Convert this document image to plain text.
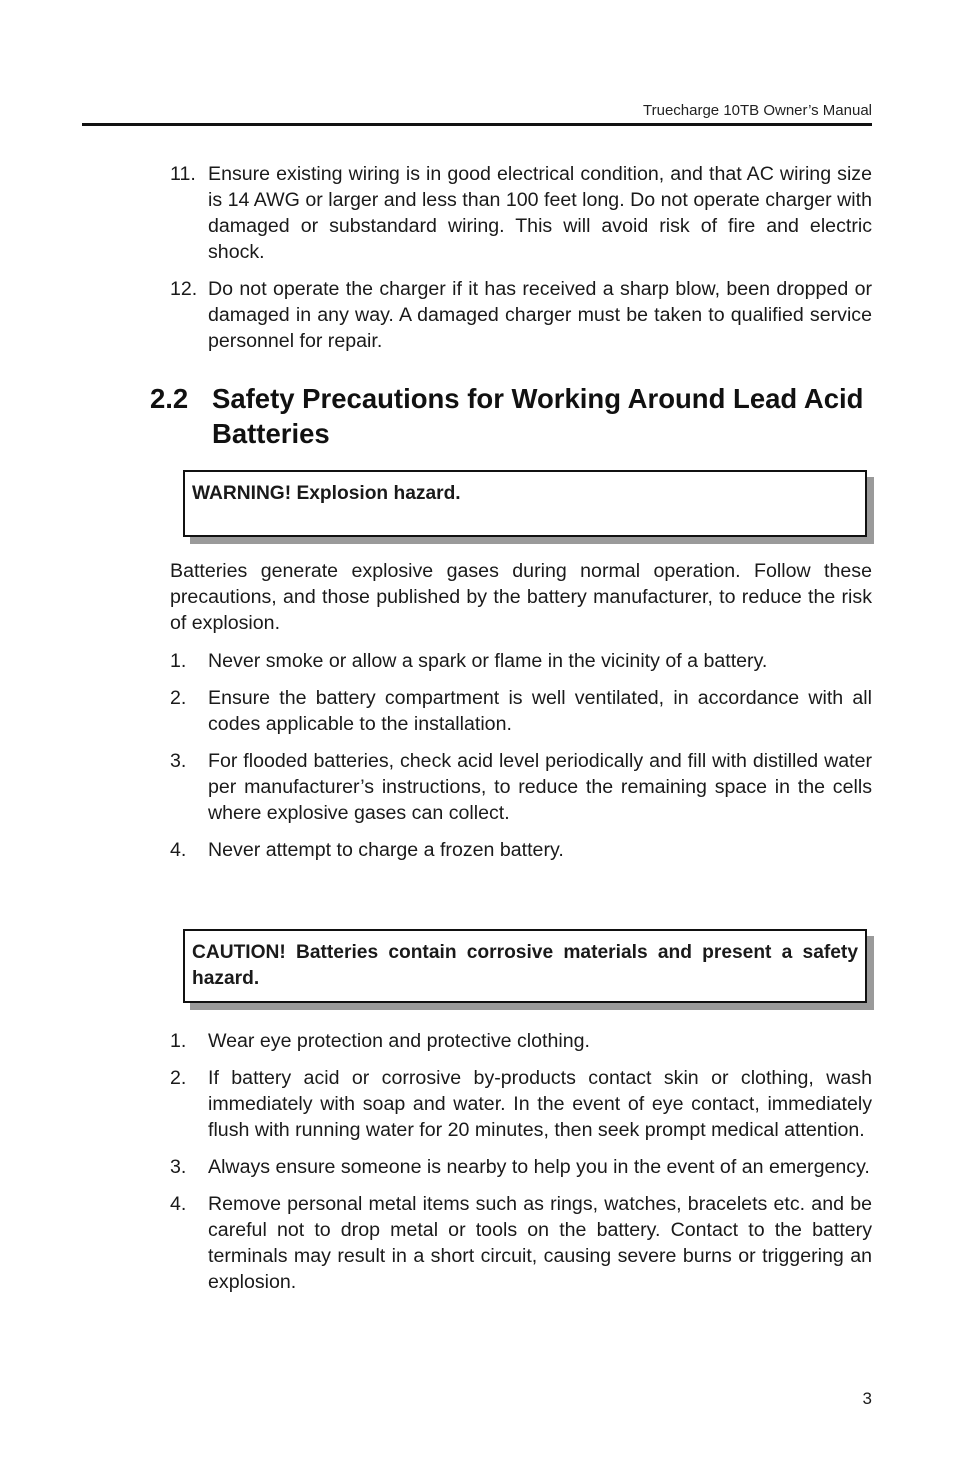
Truecharge 10TB Owner’s Manual
11. Ensure existing wiring is in good electrical condition, and that AC wiring size is 14 AWG or larger and less than 100 feet long. Do not operate charger with damaged or substandard wiring. This will avoid risk of fire and electric shock.
12. Do not operate the charger if it has received a sharp blow, been dropped or damaged in any way. A damaged charger must be taken to qualified service personnel for repair.
2.2 Safety Precautions for Working Around Lead Acid Batteries
WARNING! Explosion hazard.

Batteries generate explosive gases during normal operation. Follow these precautions, and those published by the battery manufacturer, to reduce the risk of explosion.

1. Never smoke or allow a spark or flame in the vicinity of a battery.
2. Ensure the battery compartment is well ventilated, in accordance with all codes applicable to the installation.
3. For flooded batteries, check acid level periodically and fill with distilled water per manufacturer’s instructions, to reduce the remaining space in the cells where explosive gases can collect.
4. Never attempt to charge a frozen battery.
CAUTION! Batteries contain corrosive materials and present a safety hazard.
1. Wear eye protection and protective clothing.
2. If battery acid or corrosive by-products contact skin or clothing, wash immediately with soap and water. In the event of eye contact, immediately flush with running water for 20 minutes, then seek prompt medical attention.
3. Always ensure someone is nearby to help you in the event of an emergency.
4. Remove personal metal items such as rings, watches, bracelets etc. and be careful not to drop metal or tools on the battery. Contact to the battery terminals may result in a short circuit, causing severe burns or triggering an explosion.
3
